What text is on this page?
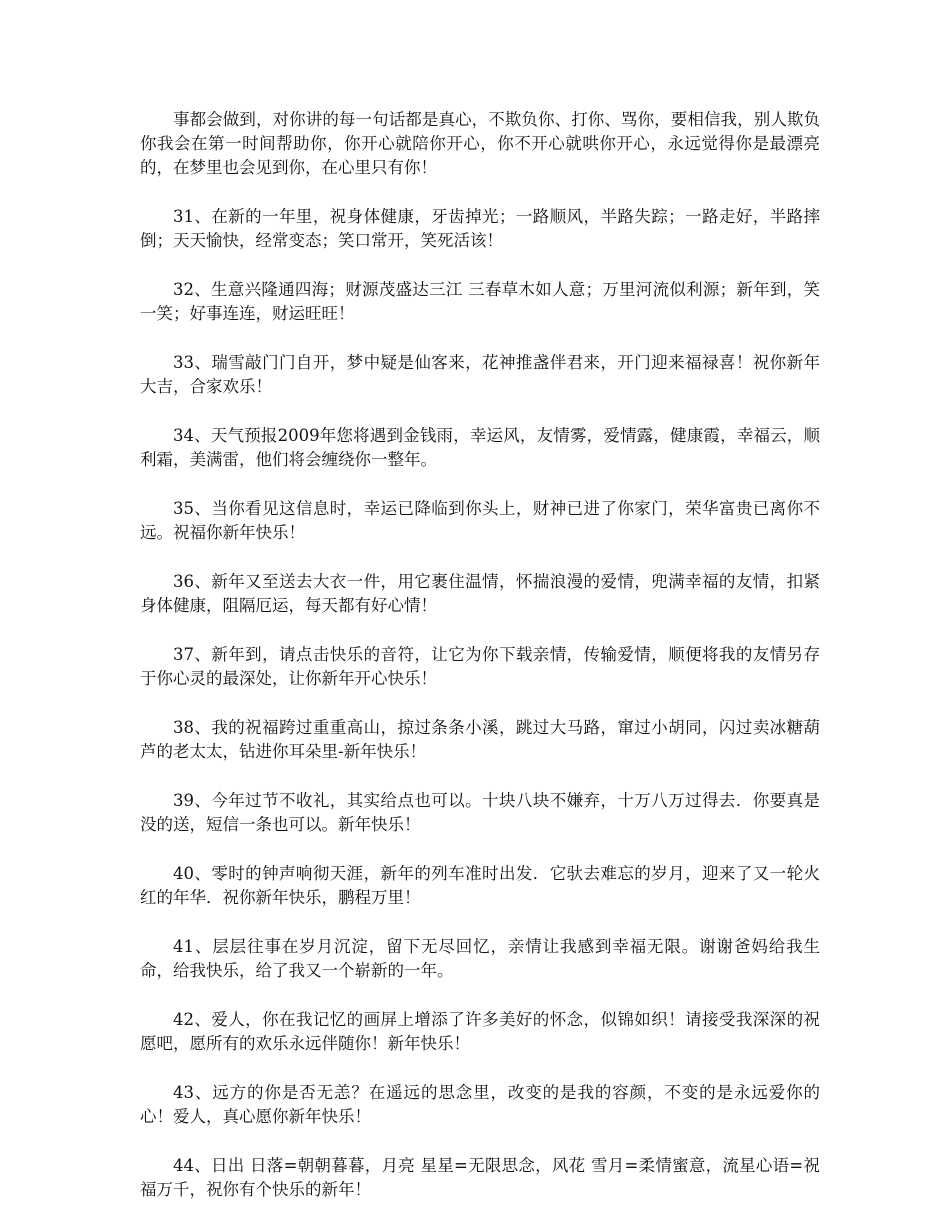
事都会做到，对你讲的每一句话都是真心，不欺负你、打你、骂你，要相信我，别人欺负你我会在第一时间帮助你，你开心就陪你开心，你不开心就哄你开心，永远觉得你是最漂亮的，在梦里也会见到你，在心里只有你！

31、在新的一年里，祝身体健康，牙齿掉光；一路顺风，半路失踪；一路走好，半路摔倒；天天愉快，经常变态；笑口常开，笑死活该！

32、生意兴隆通四海；财源茂盛达三江 三春草木如人意；万里河流似利源；新年到，笑一笑；好事连连，财运旺旺！

33、瑞雪敲门门自开，梦中疑是仙客来，花神推盏伴君来，开门迎来福禄喜！祝你新年大吉，合家欢乐！

34、天气预报2009年您将遇到金钱雨，幸运风，友情雾，爱情露，健康霞，幸福云，顺利霜，美满雷，他们将会缠绕你一整年。

35、当你看见这信息时，幸运已降临到你头上，财神已进了你家门，荣华富贵已离你不远。祝福你新年快乐！

36、新年又至送去大衣一件，用它裹住温情，怀揣浪漫的爱情，兜满幸福的友情，扣紧身体健康，阻隔厄运，每天都有好心情！

37、新年到，请点击快乐的音符，让它为你下载亲情，传输爱情，顺便将我的友情另存于你心灵的最深处，让你新年开心快乐！

38、我的祝福跨过重重高山，掠过条条小溪，跳过大马路，窜过小胡同，闪过卖冰糖葫芦的老太太，钻进你耳朵里-新年快乐！

39、今年过节不收礼，其实给点也可以。十块八块不嫌弃，十万八万过得去．你要真是没的送，短信一条也可以。新年快乐！

40、零时的钟声响彻天涯，新年的列车准时出发．它驮去难忘的岁月，迎来了又一轮火红的年华．祝你新年快乐，鹏程万里！

41、层层往事在岁月沉淀，留下无尽回忆，亲情让我感到幸福无限。谢谢爸妈给我生命，给我快乐，给了我又一个崭新的一年。

42、爱人，你在我记忆的画屏上增添了许多美好的怀念，似锦如织！请接受我深深的祝愿吧，愿所有的欢乐永远伴随你！新年快乐！

43、远方的你是否无恙？在遥远的思念里，改变的是我的容颜，不变的是永远爱你的心！爱人，真心愿你新年快乐！

44、日出 日落=朝朝暮暮，月亮 星星=无限思念，风花 雪月=柔情蜜意，流星心语=祝福万千，祝你有个快乐的新年！
